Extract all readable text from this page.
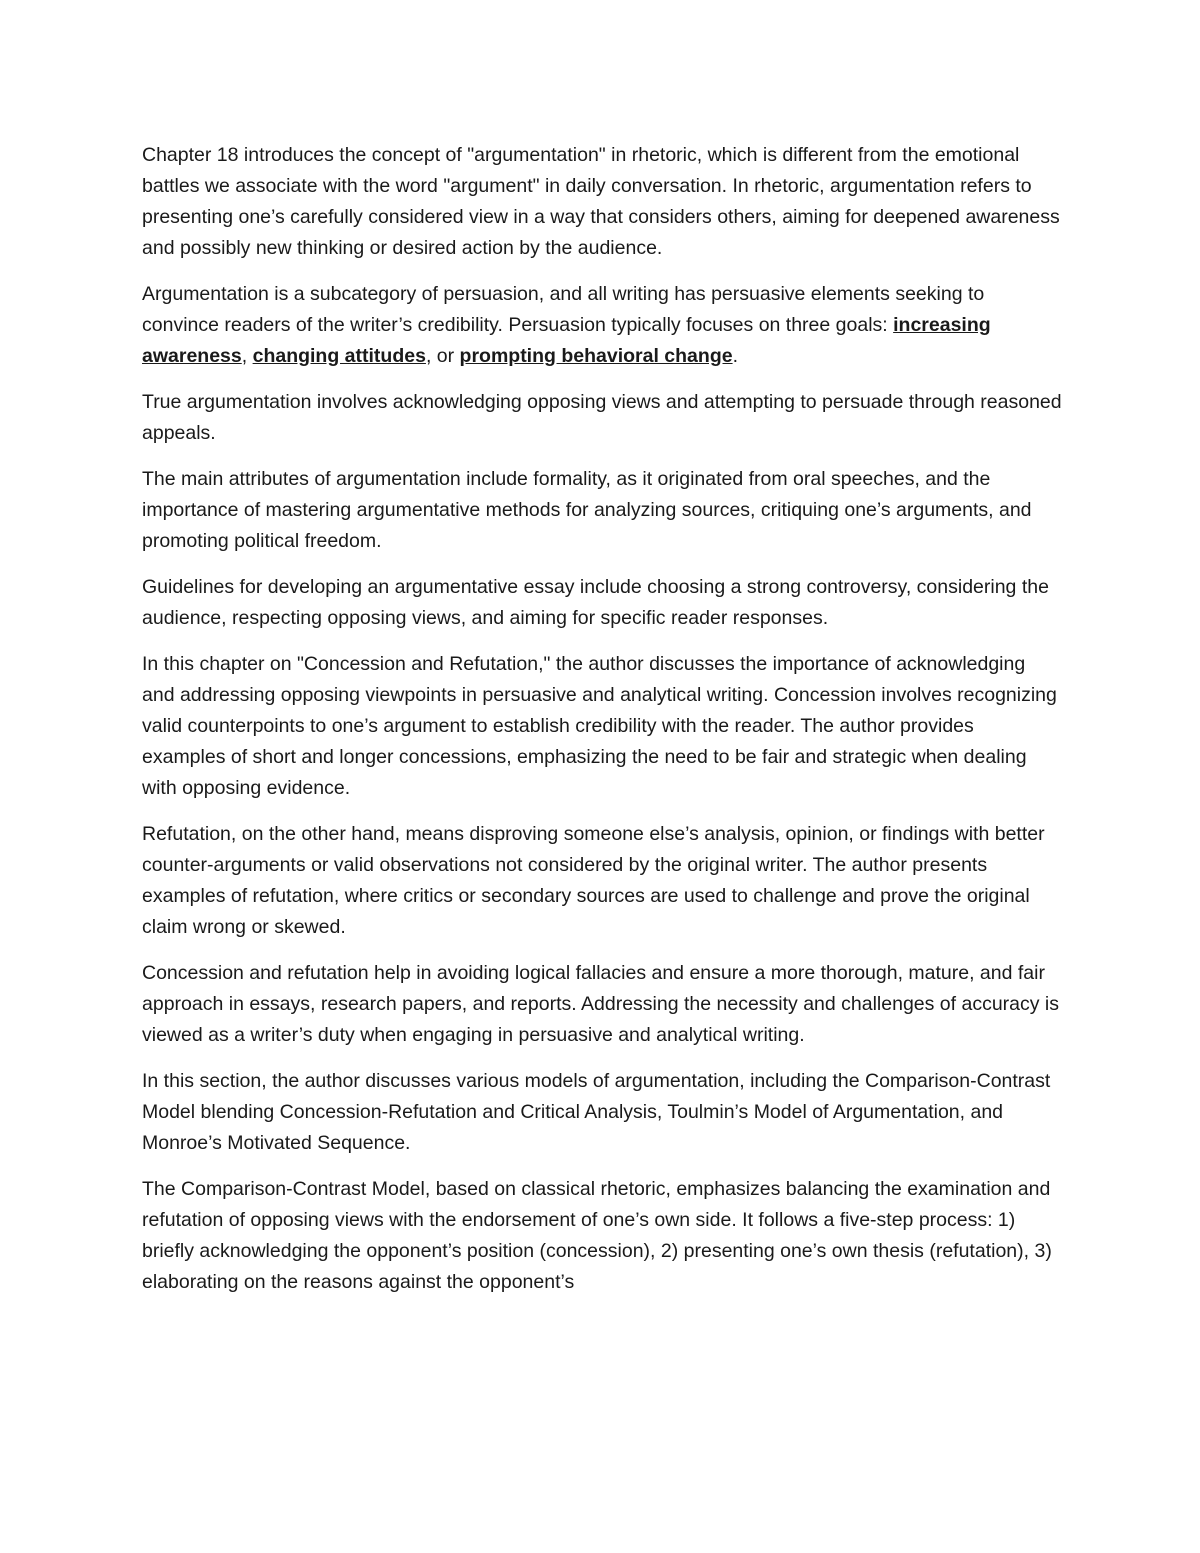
Chapter 18 introduces the concept of "argumentation" in rhetoric, which is different from the emotional battles we associate with the word "argument" in daily conversation. In rhetoric, argumentation refers to presenting one’s carefully considered view in a way that considers others, aiming for deepened awareness and possibly new thinking or desired action by the audience.

Argumentation is a subcategory of persuasion, and all writing has persuasive elements seeking to convince readers of the writer’s credibility. Persuasion typically focuses on three goals: increasing awareness, changing attitudes, or prompting behavioral change.

True argumentation involves acknowledging opposing views and attempting to persuade through reasoned appeals.

The main attributes of argumentation include formality, as it originated from oral speeches, and the importance of mastering argumentative methods for analyzing sources, critiquing one’s arguments, and promoting political freedom.

Guidelines for developing an argumentative essay include choosing a strong controversy, considering the audience, respecting opposing views, and aiming for specific reader responses.

In this chapter on "Concession and Refutation," the author discusses the importance of acknowledging and addressing opposing viewpoints in persuasive and analytical writing. Concession involves recognizing valid counterpoints to one’s argument to establish credibility with the reader. The author provides examples of short and longer concessions, emphasizing the need to be fair and strategic when dealing with opposing evidence.

Refutation, on the other hand, means disproving someone else’s analysis, opinion, or findings with better counter-arguments or valid observations not considered by the original writer. The author presents examples of refutation, where critics or secondary sources are used to challenge and prove the original claim wrong or skewed.

Concession and refutation help in avoiding logical fallacies and ensure a more thorough, mature, and fair approach in essays, research papers, and reports. Addressing the necessity and challenges of accuracy is viewed as a writer’s duty when engaging in persuasive and analytical writing.

In this section, the author discusses various models of argumentation, including the Comparison-Contrast Model blending Concession-Refutation and Critical Analysis, Toulmin’s Model of Argumentation, and Monroe’s Motivated Sequence.

The Comparison-Contrast Model, based on classical rhetoric, emphasizes balancing the examination and refutation of opposing views with the endorsement of one’s own side. It follows a five-step process: 1) briefly acknowledging the opponent’s position (concession), 2) presenting one’s own thesis (refutation), 3) elaborating on the reasons against the opponent’s
